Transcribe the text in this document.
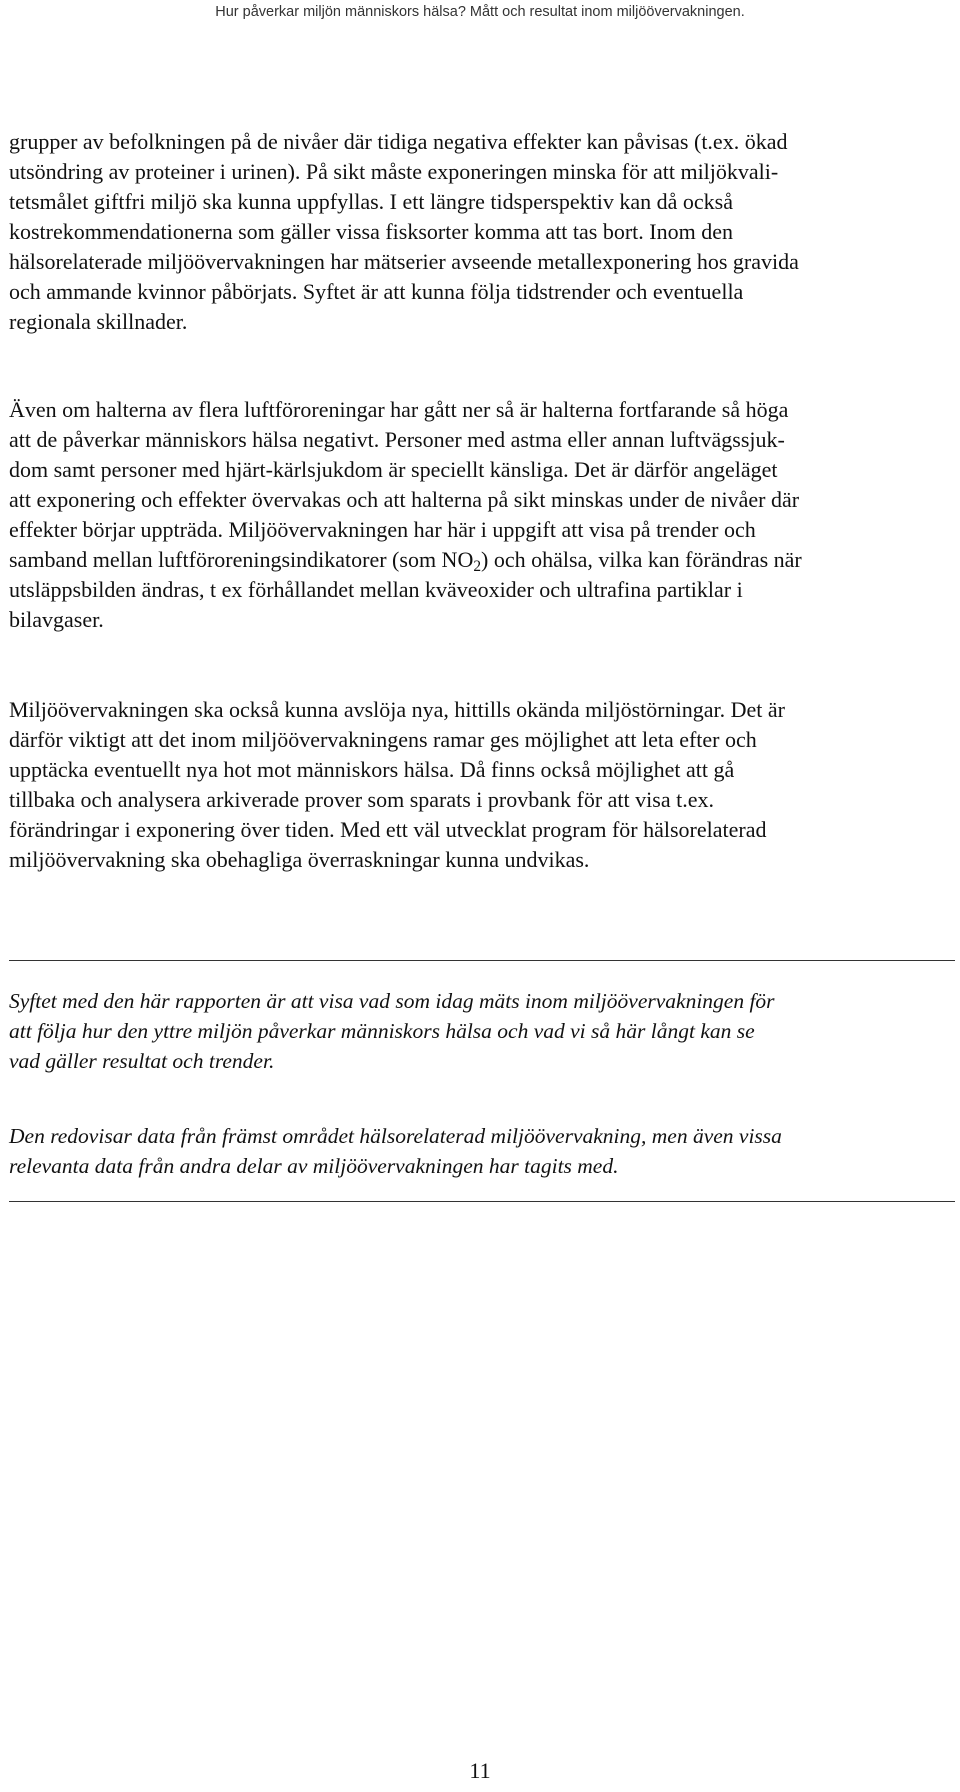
Hur påverkar miljön människors hälsa? Mått och resultat inom miljöövervakningen.
grupper av befolkningen på de nivåer där tidiga negativa effekter kan påvisas (t.ex. ökad
utsöndring av proteiner i urinen). På sikt måste exponeringen minska för att miljökvali-
tetsmålet giftfri miljö ska kunna uppfyllas. I ett längre tidsperspektiv kan då också
kostrekommendationerna som gäller vissa fisksorter komma att tas bort. Inom den
hälsorelaterade miljöövervakningen har mätserier avseende metallexponering hos gravida
och ammande kvinnor påbörjats. Syftet är att kunna följa tidstrender och eventuella
regionala skillnader.
Även om halterna av flera luftföroreningar har gått ner så är halterna fortfarande så höga
att de påverkar människors hälsa negativt. Personer med astma eller annan luftvägssjuk-
dom samt personer med hjärt-kärlsjukdom är speciellt känsliga. Det är därför angeläget
att exponering och effekter övervakas och att halterna på sikt minskas under de nivåer där
effekter börjar uppträda. Miljöövervakningen har här i uppgift att visa på trender och
samband mellan luftföroreningsindikatorer (som $NO_2$) och ohälsa, vilka kan förändras när
utsläppsbilden ändras, t ex förhållandet mellan kväveoxider och ultrafina partiklar i
bilavgaser.
Miljöövervakningen ska också kunna avslöja nya, hittills okända miljöstörningar. Det är
därför viktigt att det inom miljöövervakningens ramar ges möjlighet att leta efter och
upptäcka eventuellt nya hot mot människors hälsa. Då finns också möjlighet att gå
tillbaka och analysera arkiverade prover som sparats i provbank för att visa t.ex.
förändringar i exponering över tiden. Med ett väl utvecklat program för hälsorelaterad
miljöövervakning ska obehagliga överraskningar kunna undvikas.
Syftet med den här rapporten är att visa vad som idag mäts inom miljöövervakningen för
att följa hur den yttre miljön påverkar människors hälsa och vad vi så här långt kan se
vad gäller resultat och trender.
Den redovisar data från främst området hälsorelaterad miljöövervakning, men även vissa
relevanta data från andra delar av miljöövervakningen har tagits med.
11
